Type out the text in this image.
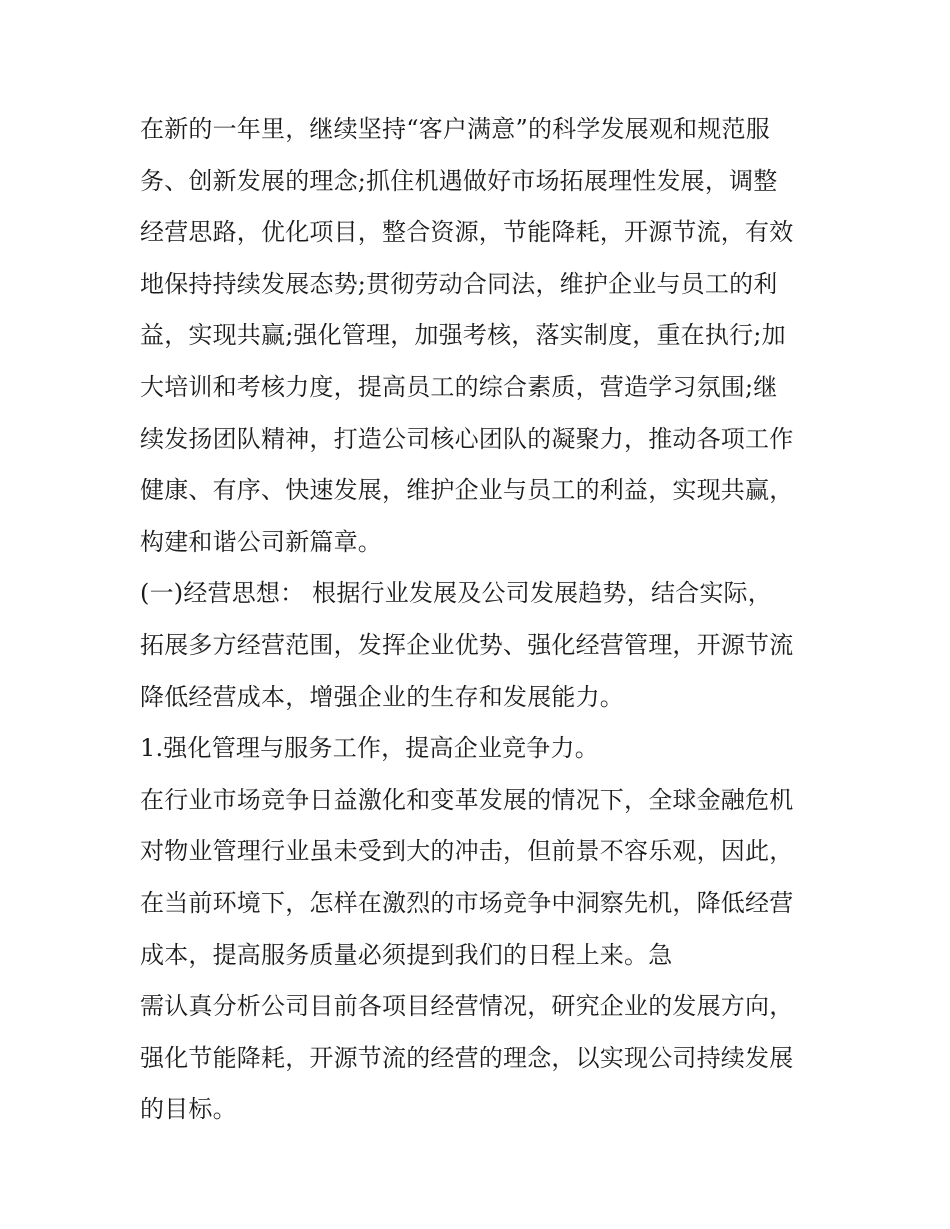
在新的一年里，继续坚持“客户满意”的科学发展观和规范服
务、创新发展的理念;抓住机遇做好市场拓展理性发展，调整
经营思路，优化项目，整合资源，节能降耗，开源节流，有效
地保持持续发展态势;贯彻劳动合同法，维护企业与员工的利
益，实现共赢;强化管理，加强考核，落实制度，重在执行;加
大培训和考核力度，提高员工的综合素质，营造学习氛围;继
续发扬团队精神，打造公司核心团队的凝聚力，推动各项工作
健康、有序、快速发展，维护企业与员工的利益，实现共赢，
构建和谐公司新篇章。
(一)经营思想： 根据行业发展及公司发展趋势，结合实际，
拓展多方经营范围，发挥企业优势、强化经营管理，开源节流
降低经营成本，增强企业的生存和发展能力。
1.强化管理与服务工作，提高企业竞争力。
在行业市场竞争日益激化和变革发展的情况下，全球金融危机
对物业管理行业虽未受到大的冲击，但前景不容乐观，因此，
在当前环境下，怎样在激烈的市场竞争中洞察先机，降低经营
成本，提高服务质量必须提到我们的日程上来。急
需认真分析公司目前各项目经营情况，研究企业的发展方向，
强化节能降耗，开源节流的经营的理念，以实现公司持续发展
的目标。
